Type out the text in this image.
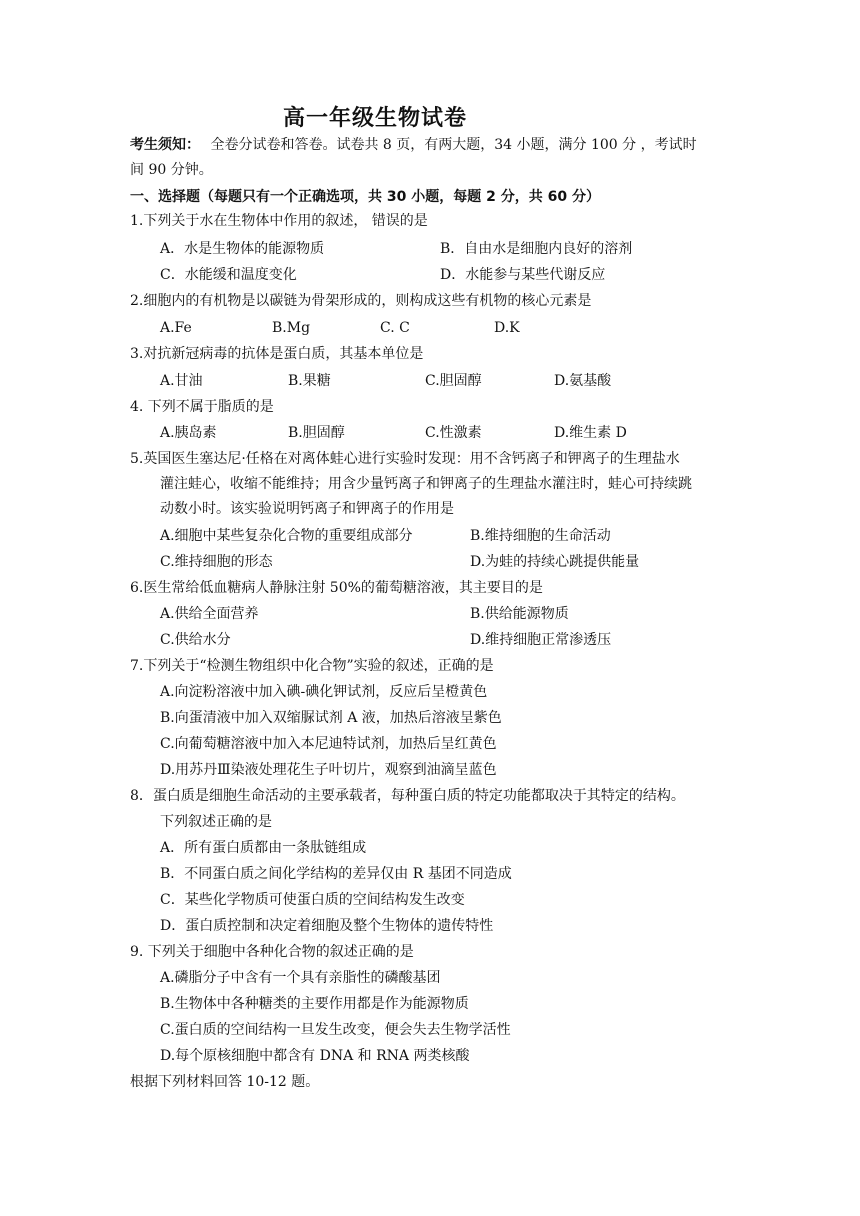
高一年级生物试卷
考生须知： 全卷分试卷和答卷。试卷共 8 页，有两大题，34 小题，满分 100 分 ，考试时
间 90 分钟。
一、选择题（每题只有一个正确选项，共 30 小题，每题 2 分，共 60 分）
1.下列关于水在生物体中作用的叙述， 错误的是
A．水是生物体的能源物质	B．自由水是细胞内良好的溶剂
C．水能缓和温度变化	D．水能参与某些代谢反应
2.细胞内的有机物是以碳链为骨架形成的，则构成这些有机物的核心元素是
A.Fe	B.Mg	C. C	D.K
3.对抗新冠病毒的抗体是蛋白质，其基本单位是
A.甘油	B.果糖	C.胆固醇	D.氨基酸
4. 下列不属于脂质的是
A.胰岛素	B.胆固醇	C.性激素	D.维生素 D
5.英国医生塞达尼·任格在对离体蛙心进行实验时发现：用不含钙离子和钾离子的生理盐水
灌注蛙心，收缩不能维持；用含少量钙离子和钾离子的生理盐水灌注时，蛙心可持续跳
动数小时。该实验说明钙离子和钾离子的作用是
A.细胞中某些复杂化合物的重要组成部分	B.维持细胞的生命活动
C.维持细胞的形态	D.为蛙的持续心跳提供能量
6.医生常给低血糖病人静脉注射 50%的葡萄糖溶液，其主要目的是
A.供给全面营养	B.供给能源物质
C.供给水分	D.维持细胞正常渗透压
7.下列关于“检测生物组织中化合物”实验的叙述，正确的是
A.向淀粉溶液中加入碘-碘化钾试剂，反应后呈橙黄色
B.向蛋清液中加入双缩脲试剂 A 液，加热后溶液呈紫色
C.向葡萄糖溶液中加入本尼迪特试剂，加热后呈红黄色
D.用苏丹Ⅲ染液处理花生子叶切片，观察到油滴呈蓝色
8．蛋白质是细胞生命活动的主要承载者，每种蛋白质的特定功能都取决于其特定的结构。
下列叙述正确的是
A．所有蛋白质都由一条肽链组成
B．不同蛋白质之间化学结构的差异仅由 R 基团不同造成
C．某些化学物质可使蛋白质的空间结构发生改变
D．蛋白质控制和决定着细胞及整个生物体的遗传特性
9. 下列关于细胞中各种化合物的叙述正确的是
A.磷脂分子中含有一个具有亲脂性的磷酸基团
B.生物体中各种糖类的主要作用都是作为能源物质
C.蛋白质的空间结构一旦发生改变，便会失去生物学活性
D.每个原核细胞中都含有 DNA 和 RNA 两类核酸
根据下列材料回答 10-12 题。
